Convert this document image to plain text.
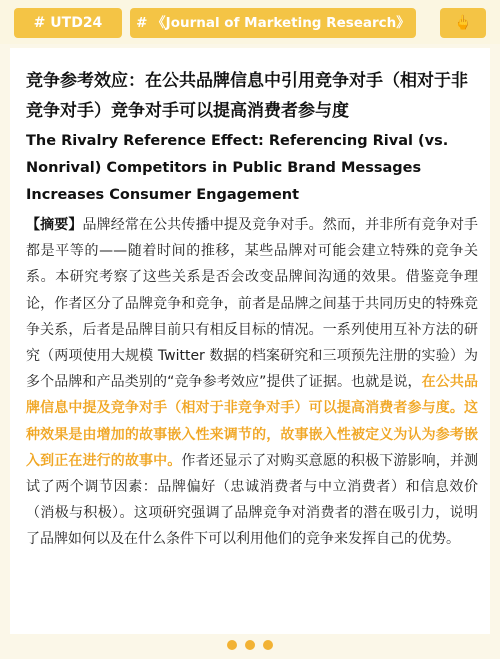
# UTD24	# 《Journal of Marketing Research》	🖕
竞争参考效应：在公共品牌信息中引用竞争对手（相对于非竞争对手）竞争对手可以提高消费者参与度
The Rivalry Reference Effect: Referencing Rival (vs. Nonrival) Competitors in Public Brand Messages Increases Consumer Engagement
【摘要】品牌经常在公共传播中提及竞争对手。然而，并非所有竞争对手都是平等的——随着时间的推移，某些品牌对可能会建立特殊的竞争关系。本研究考察了这些关系是否会改变品牌间沟通的效果。借鉴竞争理论，作者区分了品牌竞争和竞争，前者是品牌之间基于共同历史的特殊竞争关系，后者是品牌目前只有相反目标的情况。一系列使用互补方法的研究（两项使用大规模 Twitter 数据的档案研究和三项预先注册的实验）为多个品牌和产品类别的“竞争参考效应”提供了证据。也就是说，在公共品牌信息中提及竞争对手（相对于非竞争对手）可以提高消费者参与度。这种效果是由增加的故事嵌入性来调节的，故事嵌入性被定义为认为参考嵌入到正在进行的故事中。作者还显示了对购买意愿的积极下游影响，并测试了两个调节因素：品牌偏好（忠诚消费者与中立消费者）和信息效价（消极与积极）。这项研究强调了品牌竞争对消费者的潜在吸引力，说明了品牌如何以及在什么条件下可以利用他们的竞争来发挥自己的优势。
